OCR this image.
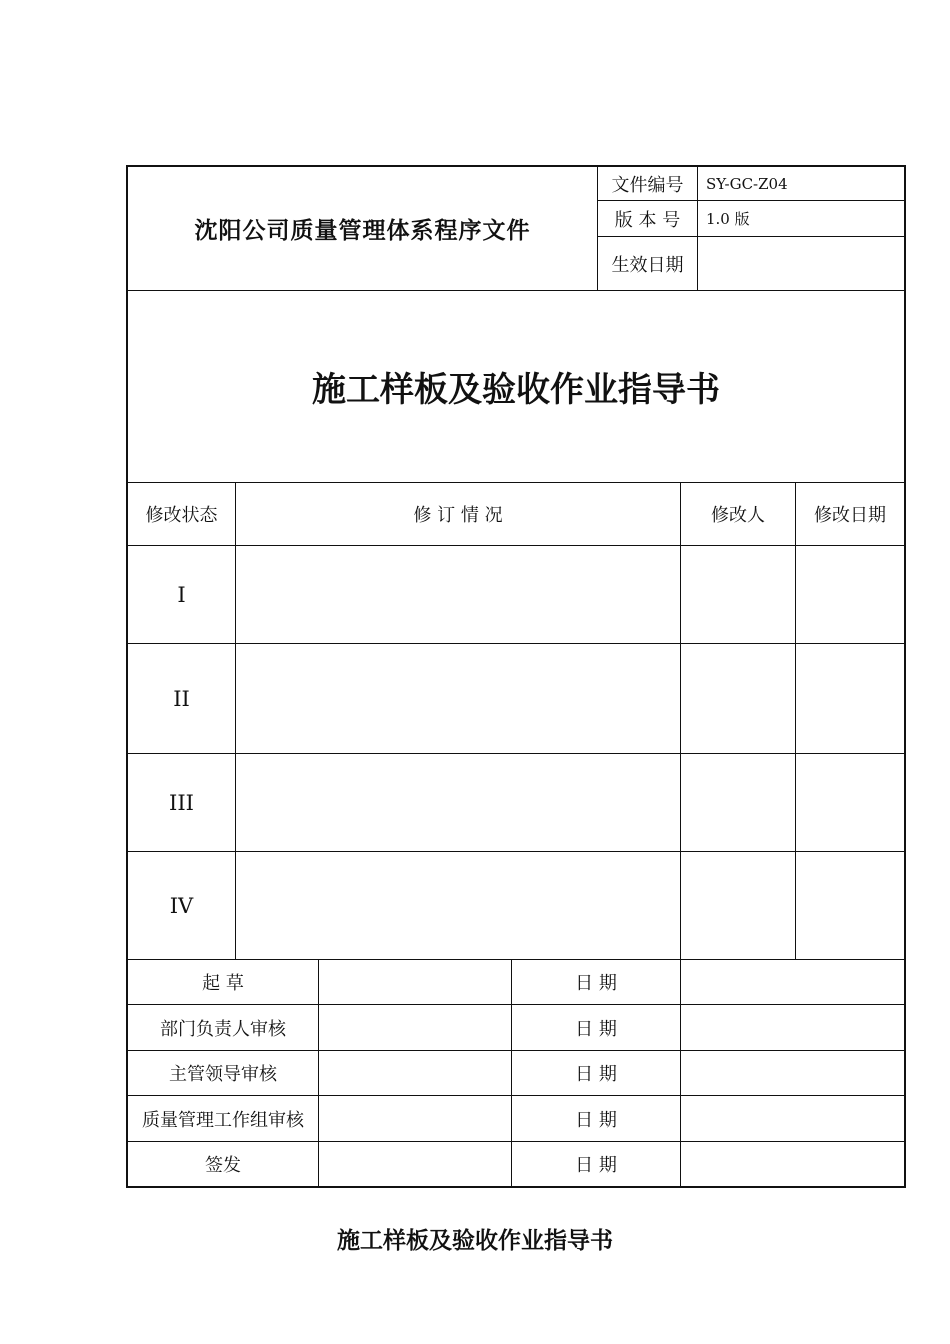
沈阳公司质量管理体系程序文件
文件编号	SY-GC-Z04
版 本 号	1.0 版
生效日期
施工样板及验收作业指导书
修改状态	修 订 情 况	修改人	修改日期
I
II
III
IV
起 草	日 期
部门负责人审核	日 期
主管领导审核	日 期
质量管理工作组审核	日 期
签发	日 期
施工样板及验收作业指导书
